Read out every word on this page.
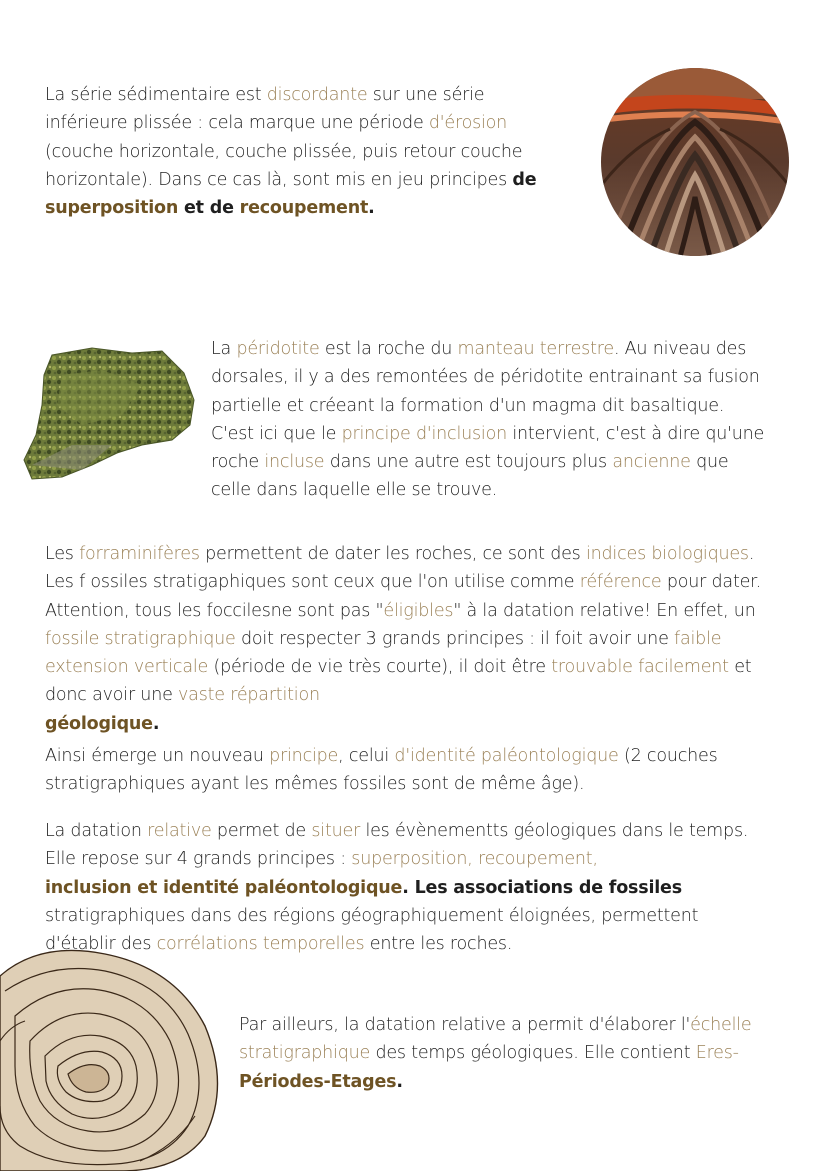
La série sédimentaire est discordante sur une série inférieure plissée : cela marque une période d'érosion (couche horizontale, couche plissée, puis retour couche horizontale). Dans ce cas là, sont mis en jeu principes de superposition et de recoupement.
La péridotite est la roche du manteau terrestre. Au niveau des dorsales, il y a des remontées de péridotite entrainant sa fusion partielle et créeant la formation d'un magma dit basaltique. C'est ici que le principe d'inclusion intervient, c'est à dire qu'une roche incluse dans une autre est toujours plus ancienne que celle dans laquelle elle se trouve.
Les forraminifères permettent de dater les roches, ce sont des indices biologiques. Les f ossiles stratigaphiques sont ceux que l'on utilise comme référence pour dater. Attention, tous les foccilesne sont pas "éligibles" à la datation relative! En effet, un fossile stratigraphique doit respecter 3 grands principes : il foit avoir une faible extension verticale (période de vie très courte), il doit être trouvable facilement et donc avoir une vaste répartition
géologique.
Ainsi émerge un nouveau principe, celui d'identité paléontologique (2 couches stratigraphiques ayant les mêmes fossiles sont de même âge).
La datation relative permet de situer les évènementts géologiques dans le temps. Elle repose sur 4 grands principes : superposition, recoupement,
inclusion et identité paléontologique. Les associations de fossiles stratigraphiques dans des régions géographiquement éloignées, permettent d'établir des corrélations temporelles entre les roches.
Par ailleurs, la datation relative a permit d'élaborer l'échelle stratigraphique des temps géologiques. Elle contient Eres-
Périodes-Etages.
